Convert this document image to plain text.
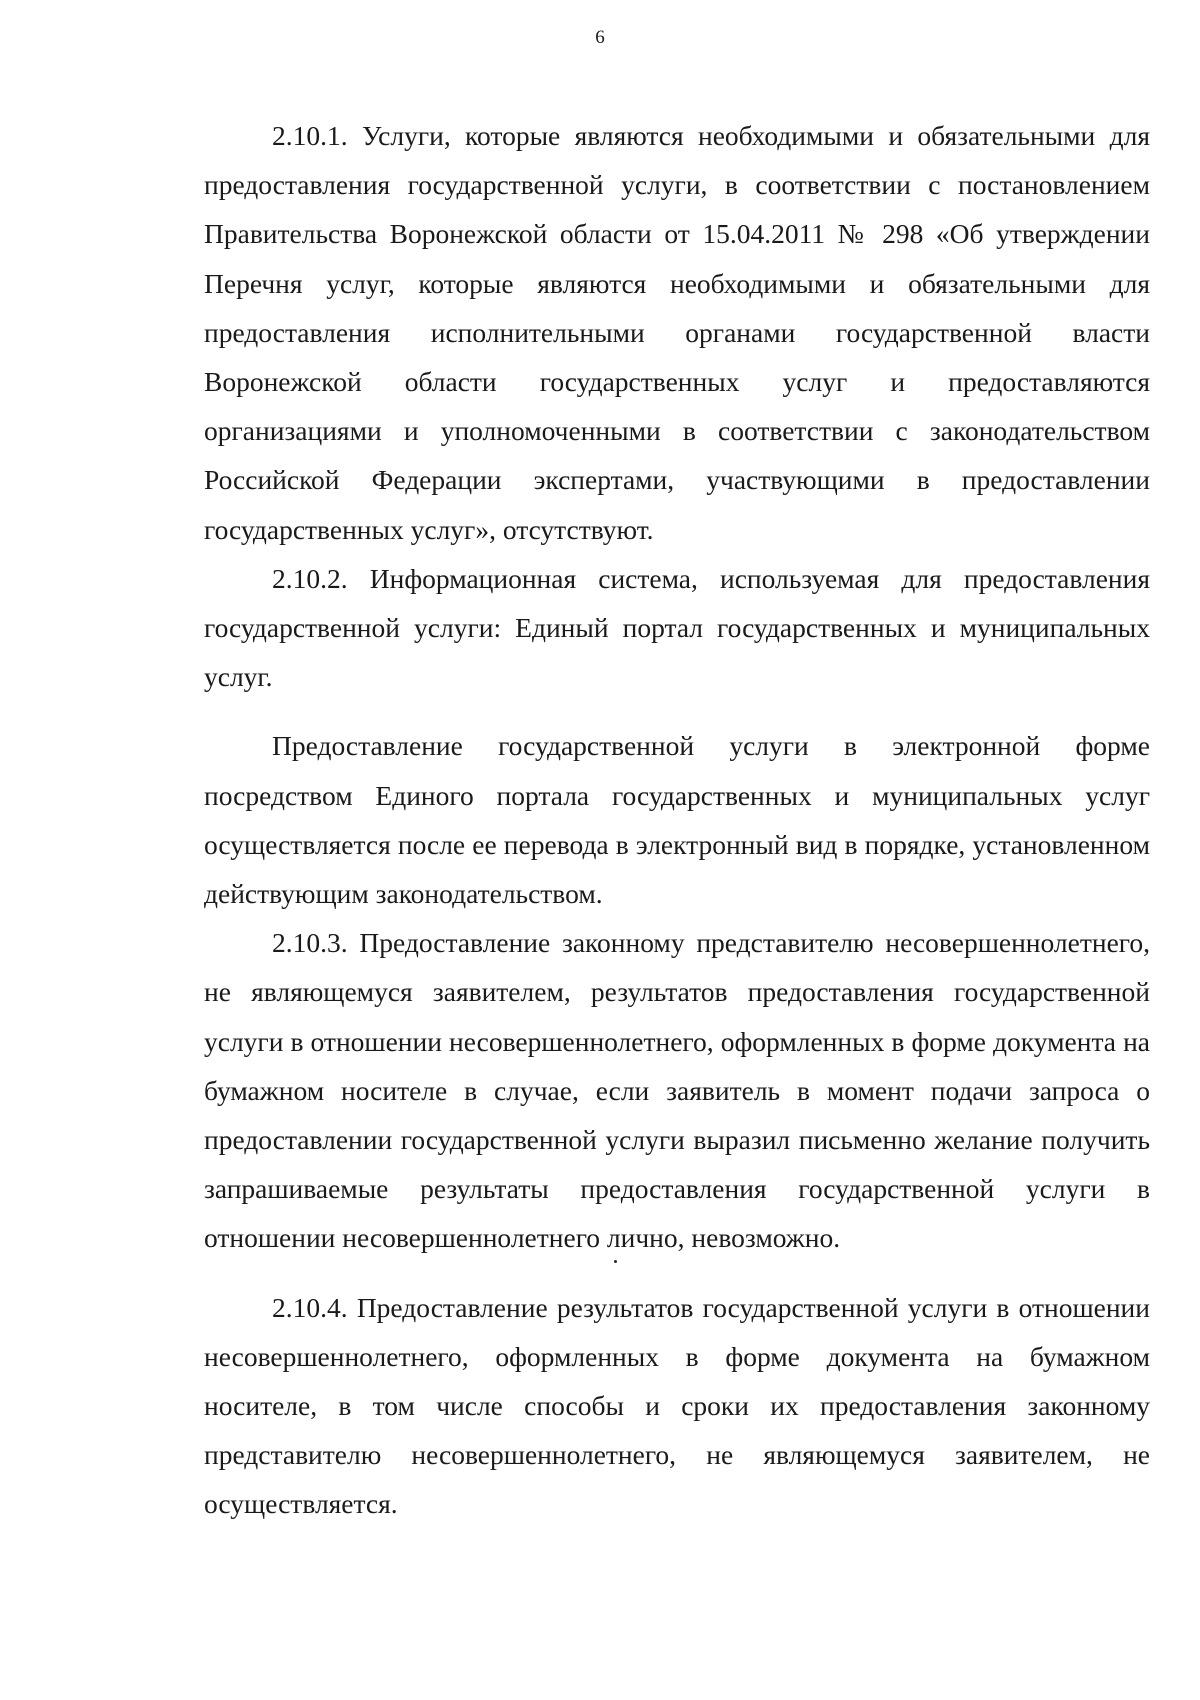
6

2.10.1. Услуги, которые являются необходимыми и обязательными для предоставления государственной услуги, в соответствии с постановлением Правительства Воронежской области от 15.04.2011 № 298 «Об утверждении Перечня услуг, которые являются необходимыми и обязательными для предоставления исполнительными органами государственной власти Воронежской области государственных услуг и предоставляются организациями и уполномоченными в соответствии с законодательством Российской Федерации экспертами, участвующими в предоставлении государственных услуг», отсутствуют.

2.10.2. Информационная система, используемая для предоставления государственной услуги: Единый портал государственных и муниципальных услуг.

Предоставление государственной услуги в электронной форме посредством Единого портала государственных и муниципальных услуг осуществляется после ее перевода в электронный вид в порядке, установленном действующим законодательством.

2.10.3. Предоставление законному представителю несовершеннолетнего, не являющемуся заявителем, результатов предоставления государственной услуги в отношении несовершеннолетнего, оформленных в форме документа на бумажном носителе в случае, если заявитель в момент подачи запроса о предоставлении государственной услуги выразил письменно желание получить запрашиваемые результаты предоставления государственной услуги в отношении несовершеннолетнего лично, невозможно.

2.10.4. Предоставление результатов государственной услуги в отношении несовершеннолетнего, оформленных в форме документа на бумажном носителе, в том числе способы и сроки их предоставления законному представителю несовершеннолетнего, не являющемуся заявителем, не осуществляется.
